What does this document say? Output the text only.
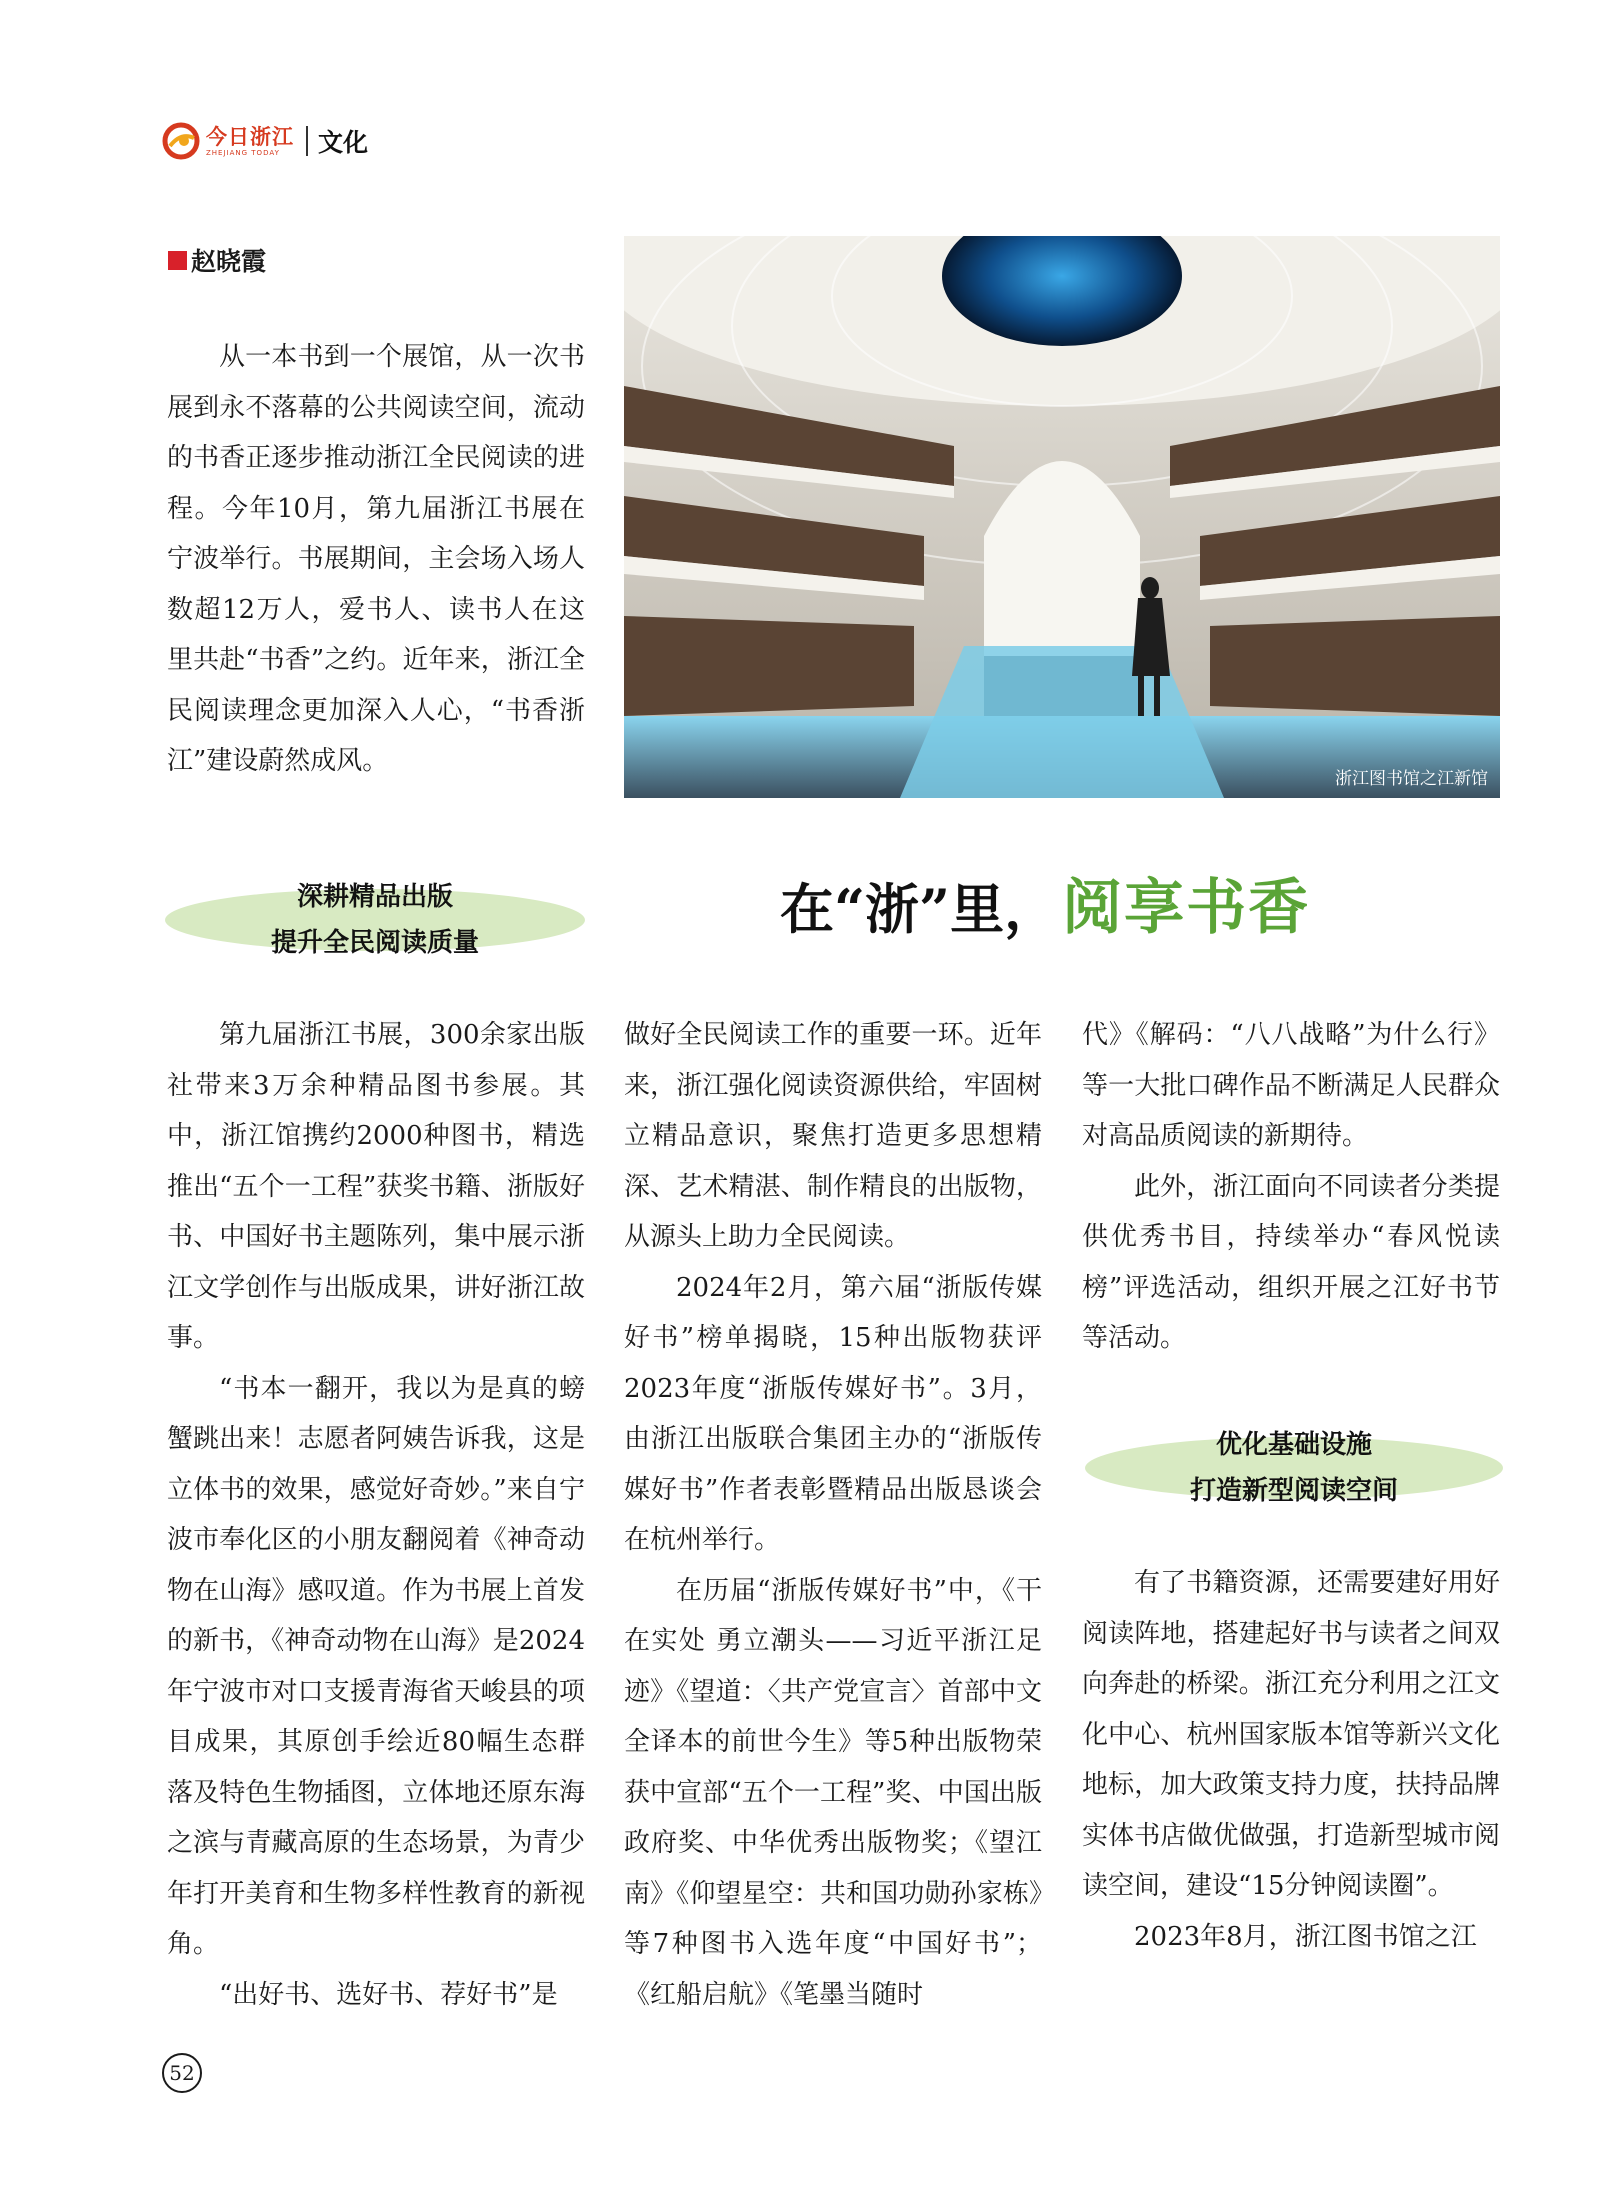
今日浙江
ZHEJIANG TODAY	文化
赵晓霞

从一本书到一个展馆，从一次书展到永不落幕的公共阅读空间，流动的书香正逐步推动浙江全民阅读的进程。今年10月，第九届浙江书展在宁波举行。书展期间，主会场入场人数超12万人，爱书人、读书人在这里共赴“书香”之约。近年来，浙江全民阅读理念更加深入人心，“书香浙江”建设蔚然成风。

浙江图书馆之江新馆
深耕精品出版
提升全民阅读质量
在“浙”里， 阅享书香

第九届浙江书展，300余家出版社带来3万余种精品图书参展。其中，浙江馆携约2000种图书，精选推出“五个一工程”获奖书籍、浙版好书、中国好书主题陈列，集中展示浙江文学创作与出版成果，讲好浙江故事。

“书本一翻开，我以为是真的螃蟹跳出来！志愿者阿姨告诉我，这是立体书的效果，感觉好奇妙。”来自宁波市奉化区的小朋友翻阅着《神奇动物在山海》感叹道。作为书展上首发的新书，《神奇动物在山海》是2024年宁波市对口支援青海省天峻县的项目成果，其原创手绘近80幅生态群落及特色生物插图，立体地还原东海之滨与青藏高原的生态场景，为青少年打开美育和生物多样性教育的新视角。

“出好书、选好书、荐好书”是

做好全民阅读工作的重要一环。近年来，浙江强化阅读资源供给，牢固树立精品意识，聚焦打造更多思想精深、艺术精湛、制作精良的出版物，从源头上助力全民阅读。

2024年2月，第六届“浙版传媒好书”榜单揭晓，15种出版物获评2023年度“浙版传媒好书”。3月，由浙江出版联合集团主办的“浙版传媒好书”作者表彰暨精品出版恳谈会在杭州举行。

在历届“浙版传媒好书”中，《干在实处 勇立潮头——习近平浙江足迹》《望道：〈共产党宣言〉首部中文全译本的前世今生》等5种出版物荣获中宣部“五个一工程”奖、中国出版政府奖、中华优秀出版物奖；《望江南》《仰望星空：共和国功勋孙家栋》等7种图书入选年度“中国好书”；《红船启航》《笔墨当随时

代》《解码：“八八战略”为什么行》等一大批口碑作品不断满足人民群众对高品质阅读的新期待。

此外，浙江面向不同读者分类提供优秀书目，持续举办“春风悦读榜”评选活动，组织开展之江好书节等活动。

优化基础设施
打造新型阅读空间

有了书籍资源，还需要建好用好阅读阵地，搭建起好书与读者之间双向奔赴的桥梁。浙江充分利用之江文化中心、杭州国家版本馆等新兴文化地标，加大政策支持力度，扶持品牌实体书店做优做强，打造新型城市阅读空间，建设“15分钟阅读圈”。

2023年8月，浙江图书馆之江

52
